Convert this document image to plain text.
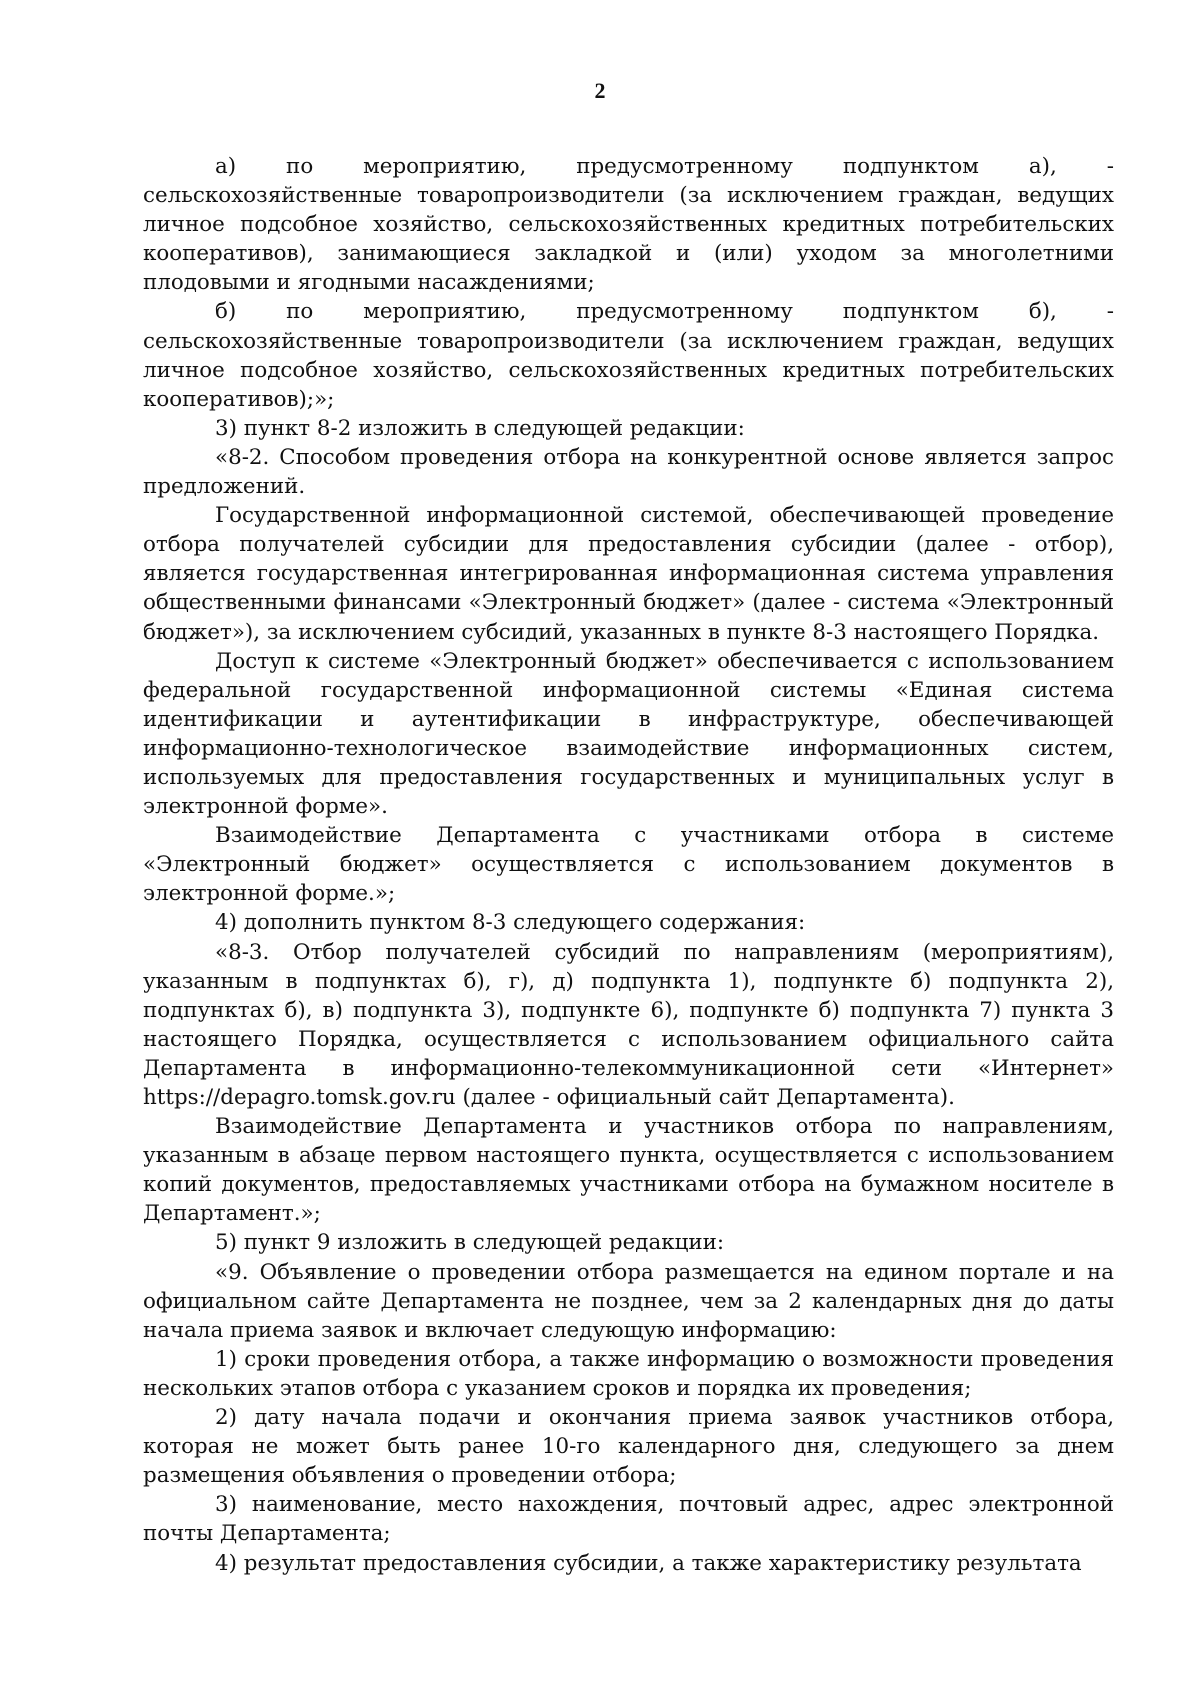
2

а) по мероприятию, предусмотренному подпунктом а), - сельскохозяйственные товаропроизводители (за исключением граждан, ведущих личное подсобное хозяйство, сельскохозяйственных кредитных потребительских кооперативов), занимающиеся закладкой и (или) уходом за многолетними плодовыми и ягодными насаждениями;

б) по мероприятию, предусмотренному подпунктом б), - сельскохозяйственные товаропроизводители (за исключением граждан, ведущих личное подсобное хозяйство, сельскохозяйственных кредитных потребительских кооперативов);»;

3) пункт 8-2 изложить в следующей редакции:

«8-2. Способом проведения отбора на конкурентной основе является запрос предложений.

Государственной информационной системой, обеспечивающей проведение отбора получателей субсидии для предоставления субсидии (далее - отбор), является государственная интегрированная информационная система управления общественными финансами «Электронный бюджет» (далее - система «Электронный бюджет»), за исключением субсидий, указанных в пункте 8-3 настоящего Порядка.

Доступ к системе «Электронный бюджет» обеспечивается с использованием федеральной государственной информационной системы «Единая система идентификации и аутентификации в инфраструктуре, обеспечивающей информационно-технологическое взаимодействие информационных систем, используемых для предоставления государственных и муниципальных услуг в электронной форме».

Взаимодействие Департамента с участниками отбора в системе «Электронный бюджет» осуществляется с использованием документов в электронной форме.»;

4) дополнить пунктом 8-3 следующего содержания:

«8-3. Отбор получателей субсидий по направлениям (мероприятиям), указанным в подпунктах б), г), д) подпункта 1), подпункте б) подпункта 2), подпунктах б), в) подпункта 3), подпункте 6), подпункте б) подпункта 7) пункта 3 настоящего Порядка, осуществляется с использованием официального сайта Департамента в информационно-телекоммуникационной сети «Интернет» https://depagro.tomsk.gov.ru (далее - официальный сайт Департамента).

Взаимодействие Департамента и участников отбора по направлениям, указанным в абзаце первом настоящего пункта, осуществляется с использованием копий документов, предоставляемых участниками отбора на бумажном носителе в Департамент.»;

5) пункт 9 изложить в следующей редакции:

«9. Объявление о проведении отбора размещается на едином портале и на официальном сайте Департамента не позднее, чем за 2 календарных дня до даты начала приема заявок и включает следующую информацию:

1) сроки проведения отбора, а также информацию о возможности проведения нескольких этапов отбора с указанием сроков и порядка их проведения;

2) дату начала подачи и окончания приема заявок участников отбора, которая не может быть ранее 10-го календарного дня, следующего за днем размещения объявления о проведении отбора;

3) наименование, место нахождения, почтовый адрес, адрес электронной почты Департамента;

4) результат предоставления субсидии, а также характеристику результата
